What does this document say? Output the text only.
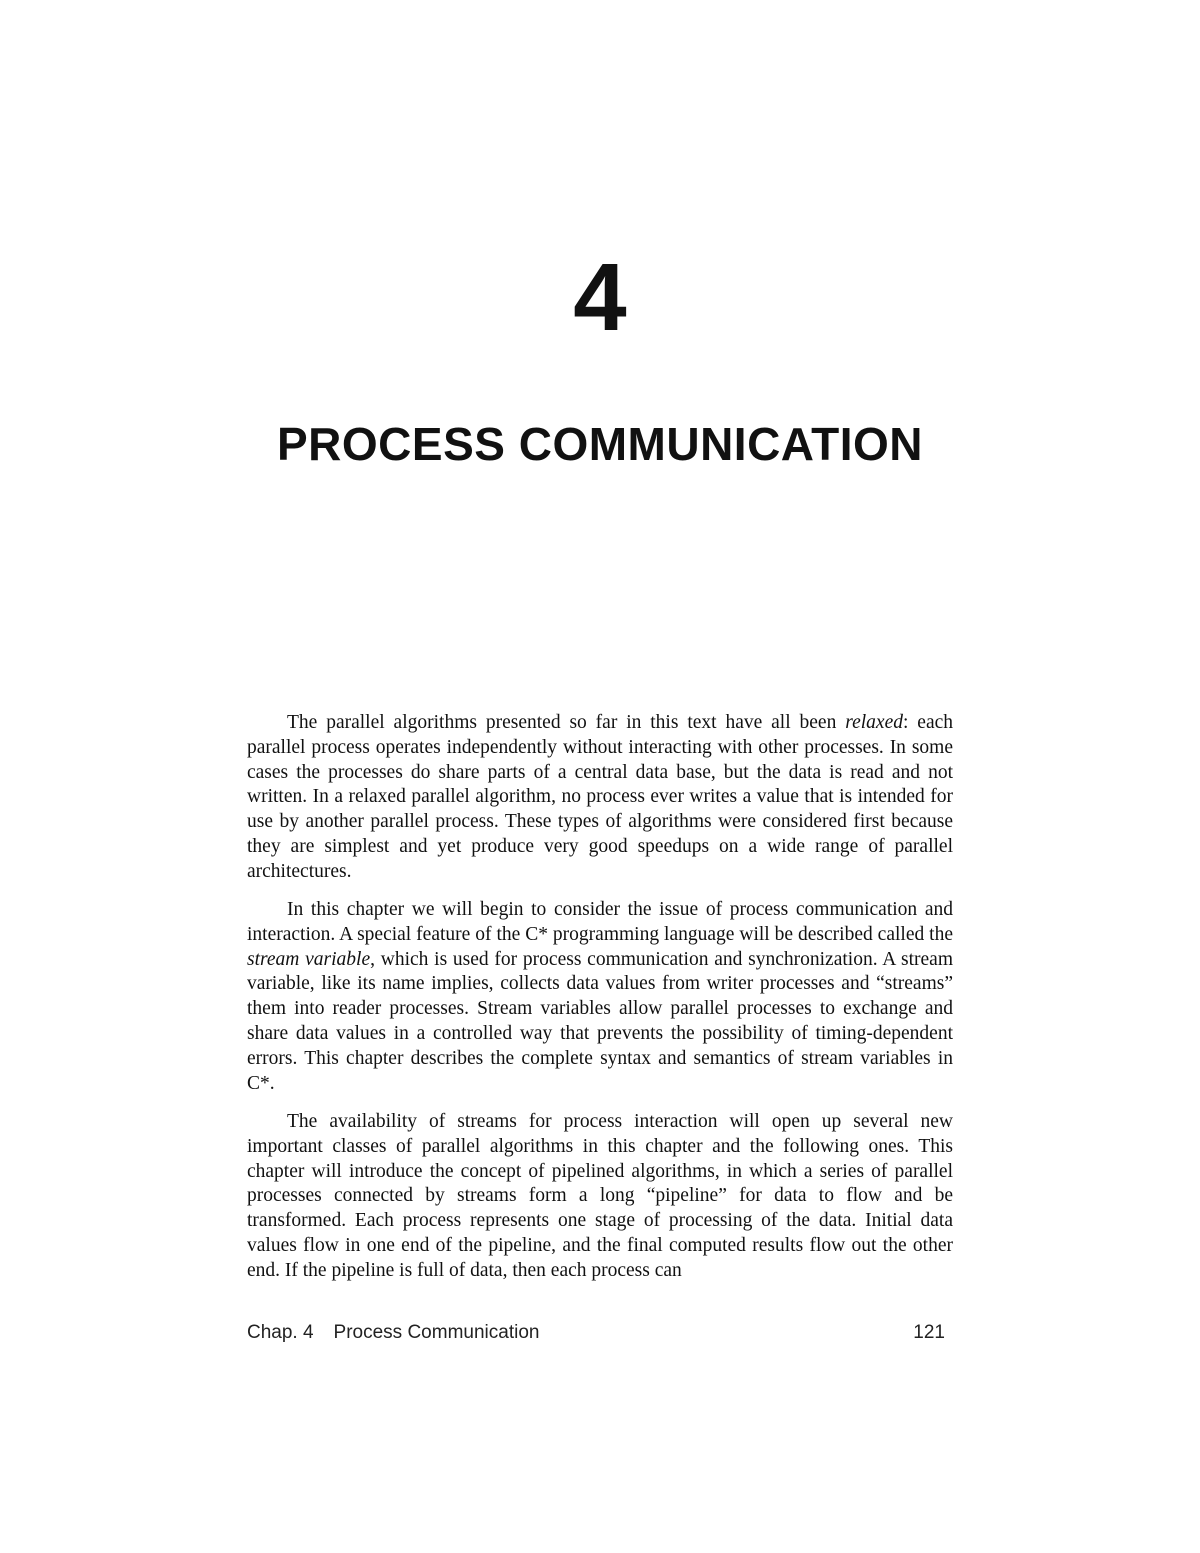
4
PROCESS COMMUNICATION

The parallel algorithms presented so far in this text have all been relaxed: each parallel process operates independently without interacting with other processes. In some cases the processes do share parts of a central data base, but the data is read and not written. In a relaxed parallel algorithm, no process ever writes a value that is intended for use by another parallel process. These types of algorithms were considered first because they are simplest and yet produce very good speedups on a wide range of parallel architectures.

In this chapter we will begin to consider the issue of process communication and interaction. A special feature of the C* programming language will be described called the stream variable, which is used for process communication and synchronization. A stream variable, like its name implies, collects data values from writer processes and “streams” them into reader processes. Stream variables allow parallel processes to exchange and share data values in a controlled way that prevents the possibility of timing-dependent errors. This chapter describes the complete syntax and semantics of stream variables in C*.

The availability of streams for process interaction will open up several new important classes of parallel algorithms in this chapter and the following ones. This chapter will introduce the concept of pipelined algorithms, in which a series of parallel processes connected by streams form a long “pipeline” for data to flow and be transformed. Each process represents one stage of processing of the data. Initial data values flow in one end of the pipeline, and the final computed results flow out the other end. If the pipeline is full of data, then each process can

Chap. 4 Process Communication	121
